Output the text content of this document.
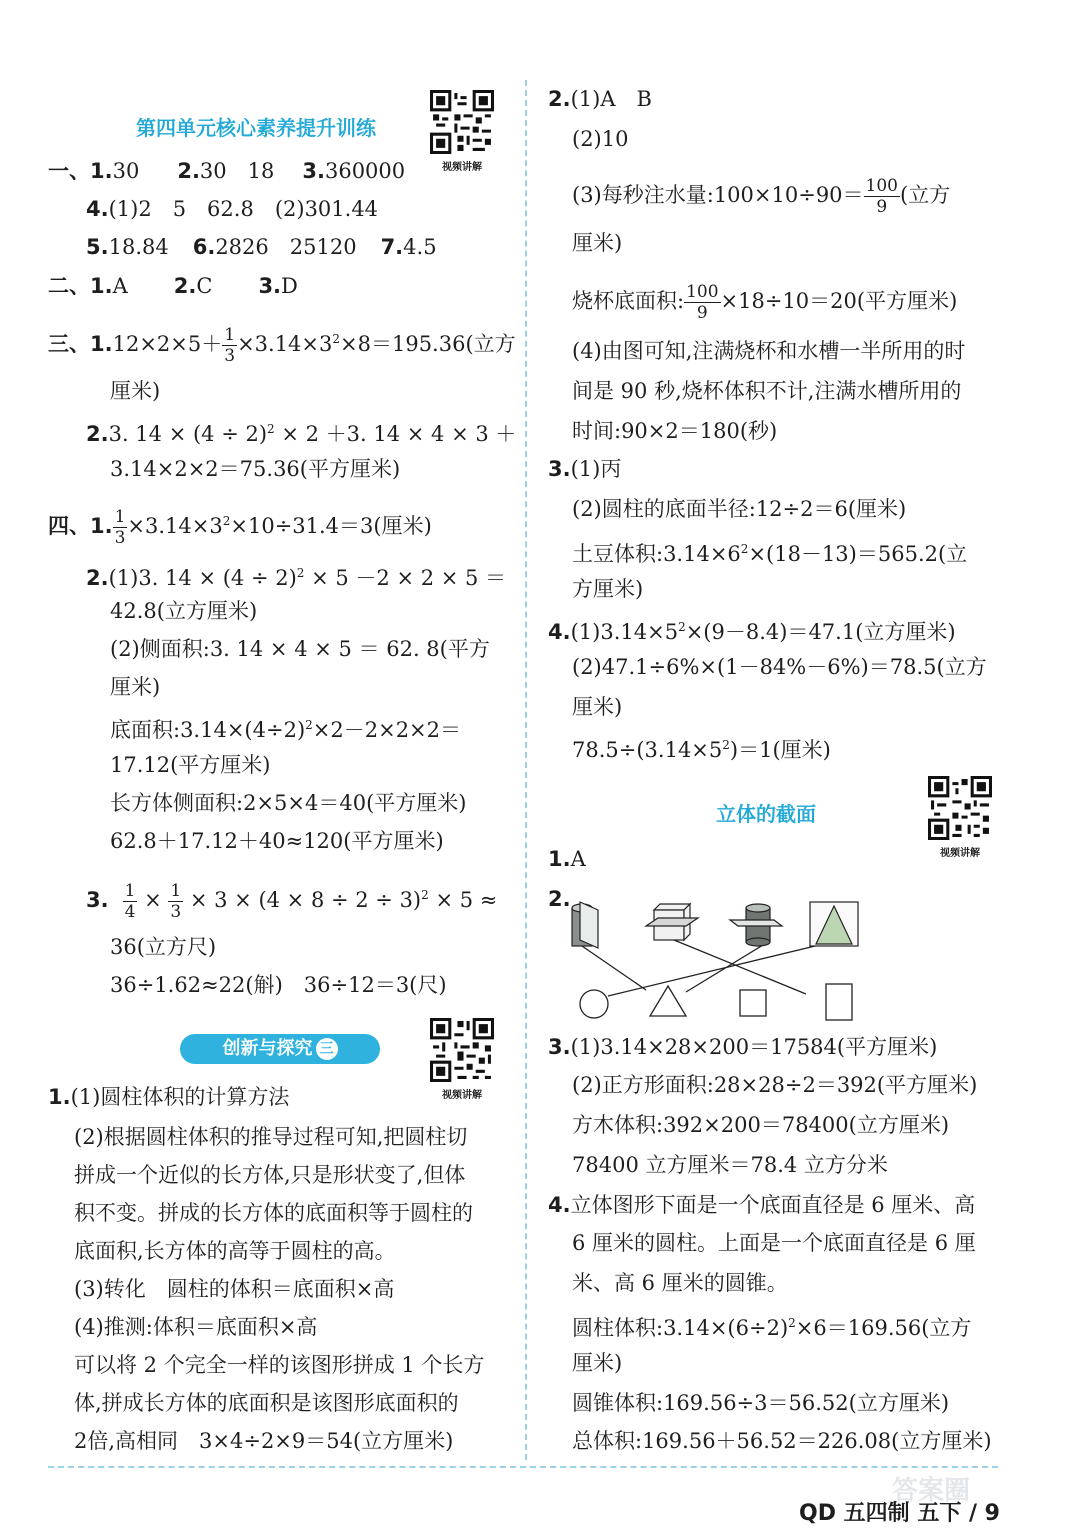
第四单元核心素养提升训练
视频讲解
一、1.30 2.30　18 3.360000
4.(1)2　5　62.8　(2)301.44
5.18.84 6.2826　25120 7.4.5
二、1.A 2.C 3.D
三、$1.12\times 2\times 5+ \frac{1}{3} \times 3.14\times 3^2\times 8=195.36$(立方
厘米)
2.3. $14 \times (4 \div 2)^2 \times 2 +3$. 14 × 4 × 3 ＋
3.14×2×2＝75.36(平方厘米)
四、1. $\frac{1}{3} \times 3.14\times 3^2\times 10\div 31.4=3$(厘米)
2.(1)3. $14 \times (4 \div 2)^2 \times 5 -2 \times 2 \times 5$ ＝
42.8(立方厘米)
(2)侧面积:3. 14 × 4 × 5 ＝ 62. 8(平方
厘米)
底面积$:3.14\times(4\div 2)^2\times 2-2\times 2\times 2=$
17.12(平方厘米)
长方体侧面积:2×5×4＝40(平方厘米)
62.8＋17.12＋40≈120(平方厘米)
3. $\frac{1}{4} \times \frac{1}{3} \times 3 \times (4 \times 8 \div 2 \div 3)^2 \times 5$ ≈
36(立方尺)
36÷1.62≈22(斛)　36÷12＝3(尺)
创新与探究 三
视频讲解
1.(1)圆柱体积的计算方法
(2)根据圆柱体积的推导过程可知,把圆柱切
拼成一个近似的长方体,只是形状变了,但体
积不变。拼成的长方体的底面积等于圆柱的
底面积,长方体的高等于圆柱的高。
(3)转化　圆柱的体积＝底面积×高
(4)推测:体积＝底面积×高
可以将 2 个完全一样的该图形拼成 1 个长方
体,拼成长方体的底面积是该图形底面积的
2倍,高相同　3×4÷2×9＝54(立方厘米)
2.(1)A　B
(2)10
(3)每秒注水量:100×10÷90＝ $\frac{100}{9}$ (立方
厘米)
烧杯底面积: $\frac{100}{9} \times 18\div 10=20$(平方厘米)
(4)由图可知,注满烧杯和水槽一半所用的时
间是 90 秒,烧杯体积不计,注满水槽所用的
时间:90×2＝180(秒)
3.(1)丙
(2)圆柱的底面半径:12÷2＝6(厘米)
土豆体积$:3.14\times 6^2\times(18-13)=565.2$(立
方厘米)
$4.(1)3.14\times 5^2\times(9-8.4)=47.1$(立方厘米)
(2)47.1÷6%×(1－84%－6%)＝78.5(立方
厘米)
$78.5\div(3.14\times 5^2)=1$(厘米)
立体的截面
视频讲解
1.A
2.
3.(1)3.14×28×200＝17584(平方厘米)
(2)正方形面积:28×28÷2＝392(平方厘米)
方木体积:392×200＝78400(立方厘米)
78400 立方厘米＝78.4 立方分米
4.立体图形下面是一个底面直径是 6 厘米、高
6 厘米的圆柱。上面是一个底面直径是 6 厘
米、高 6 厘米的圆锥。
圆柱体积$:3.14\times(6\div 2)^2\times 6=169.56$(立方
厘米)
圆锥体积:169.56÷3＝56.52(立方厘米)
总体积:169.56＋56.52＝226.08(立方厘米)
答案圈
QD 五四制 五下 / 9
